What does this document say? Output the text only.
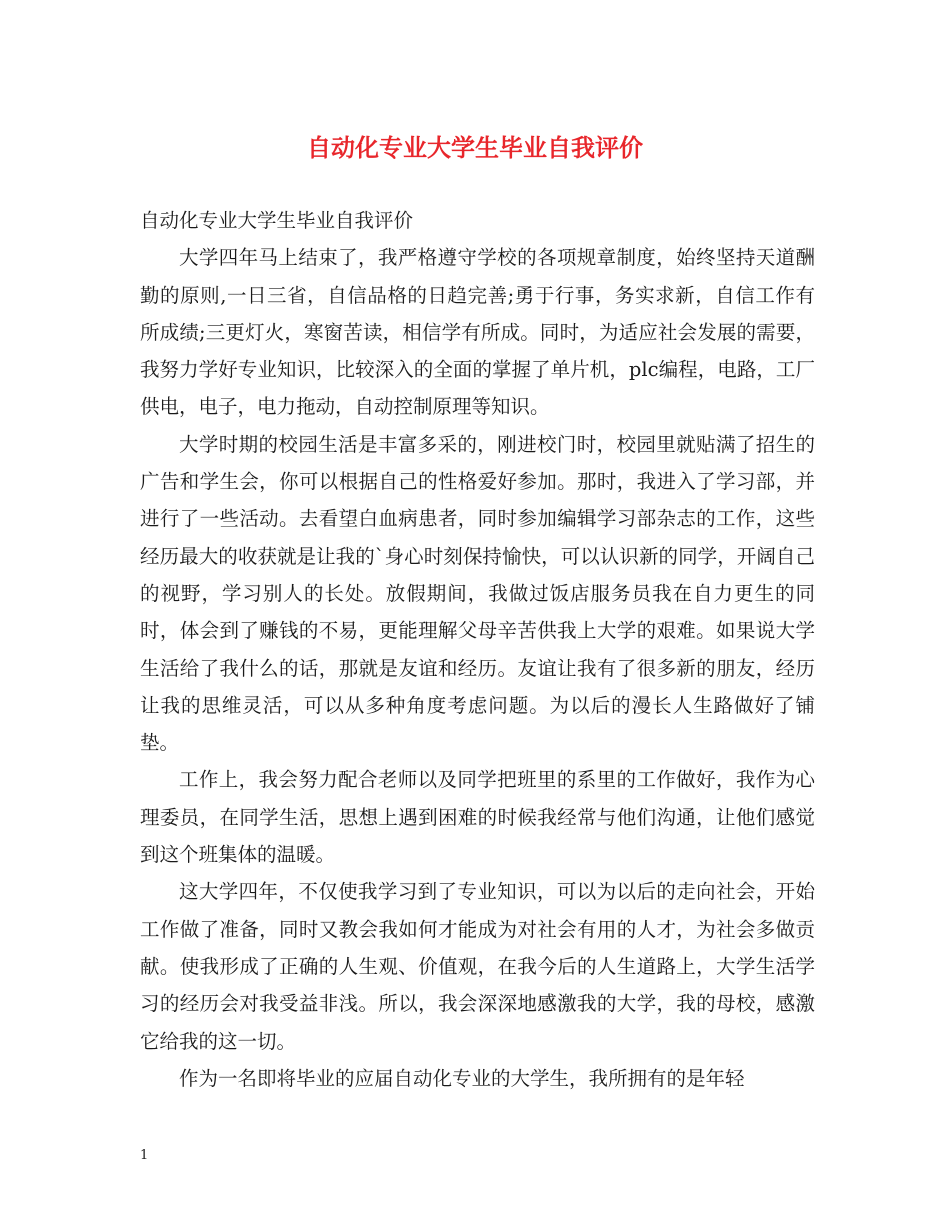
自动化专业大学生毕业自我评价

自动化专业大学生毕业自我评价

大学四年马上结束了，我严格遵守学校的各项规章制度，始终坚持天道酬勤的原则,一日三省，自信品格的日趋完善;勇于行事，务实求新，自信工作有所成绩;三更灯火，寒窗苦读，相信学有所成。同时，为适应社会发展的需要，我努力学好专业知识，比较深入的全面的掌握了单片机，plc编程，电路，工厂供电，电子，电力拖动，自动控制原理等知识。

大学时期的校园生活是丰富多采的，刚进校门时，校园里就贴满了招生的广告和学生会，你可以根据自己的性格爱好参加。那时，我进入了学习部，并进行了一些活动。去看望白血病患者，同时参加编辑学习部杂志的工作，这些经历最大的收获就是让我的`身心时刻保持愉快，可以认识新的同学，开阔自己的视野，学习别人的长处。放假期间，我做过饭店服务员我在自力更生的同时，体会到了赚钱的不易，更能理解父母辛苦供我上大学的艰难。如果说大学生活给了我什么的话，那就是友谊和经历。友谊让我有了很多新的朋友，经历让我的思维灵活，可以从多种角度考虑问题。为以后的漫长人生路做好了铺垫。

工作上，我会努力配合老师以及同学把班里的系里的工作做好，我作为心理委员，在同学生活，思想上遇到困难的时候我经常与他们沟通，让他们感觉到这个班集体的温暖。

这大学四年，不仅使我学习到了专业知识，可以为以后的走向社会，开始工作做了准备，同时又教会我如何才能成为对社会有用的人才，为社会多做贡献。使我形成了正确的人生观、价值观，在我今后的人生道路上，大学生活学习的经历会对我受益非浅。所以，我会深深地感激我的大学，我的母校，感激它给我的这一切。

作为一名即将毕业的应届自动化专业的大学生，我所拥有的是年轻

1
